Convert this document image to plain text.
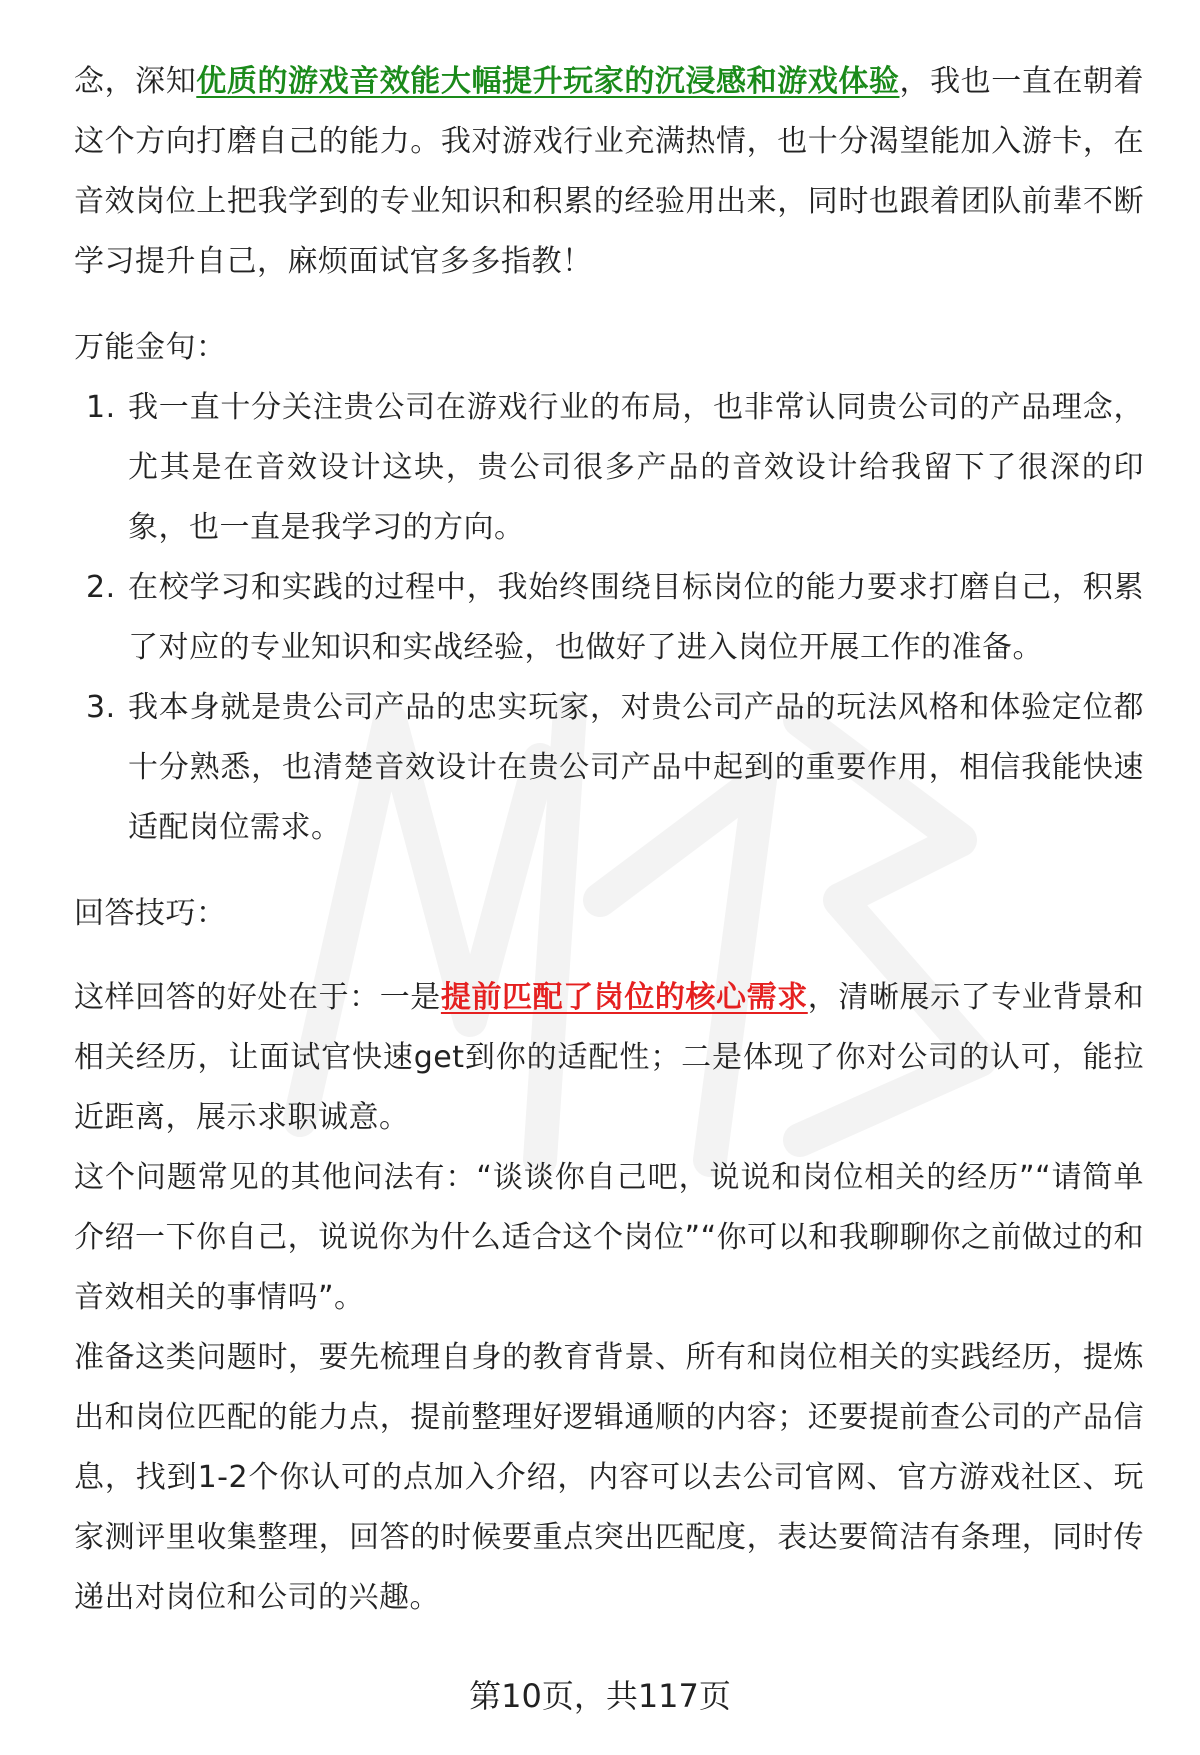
念，深知优质的游戏音效能大幅提升玩家的沉浸感和游戏体验，我也一直在朝着这个方向打磨自己的能力。我对游戏行业充满热情，也十分渴望能加入游卡，在音效岗位上把我学到的专业知识和积累的经验用出来，同时也跟着团队前辈不断学习提升自己，麻烦面试官多多指教！

万能金句：

1. 我一直十分关注贵公司在游戏行业的布局，也非常认同贵公司的产品理念，尤其是在音效设计这块，贵公司很多产品的音效设计给我留下了很深的印象，也一直是我学习的方向。
2. 在校学习和实践的过程中，我始终围绕目标岗位的能力要求打磨自己，积累了对应的专业知识和实战经验，也做好了进入岗位开展工作的准备。
3. 我本身就是贵公司产品的忠实玩家，对贵公司产品的玩法风格和体验定位都十分熟悉，也清楚音效设计在贵公司产品中起到的重要作用，相信我能快速适配岗位需求。

回答技巧：

这样回答的好处在于：一是提前匹配了岗位的核心需求，清晰展示了专业背景和相关经历，让面试官快速get到你的适配性；二是体现了你对公司的认可，能拉近距离，展示求职诚意。

这个问题常见的其他问法有：“谈谈你自己吧，说说和岗位相关的经历”“请简单介绍一下你自己，说说你为什么适合这个岗位”“你可以和我聊聊你之前做过的和音效相关的事情吗”。

准备这类问题时，要先梳理自身的教育背景、所有和岗位相关的实践经历，提炼出和岗位匹配的能力点，提前整理好逻辑通顺的内容；还要提前查公司的产品信息，找到1-2个你认可的点加入介绍，内容可以去公司官网、官方游戏社区、玩家测评里收集整理，回答的时候要重点突出匹配度，表达要简洁有条理，同时传递出对岗位和公司的兴趣。

第10页，共117页
